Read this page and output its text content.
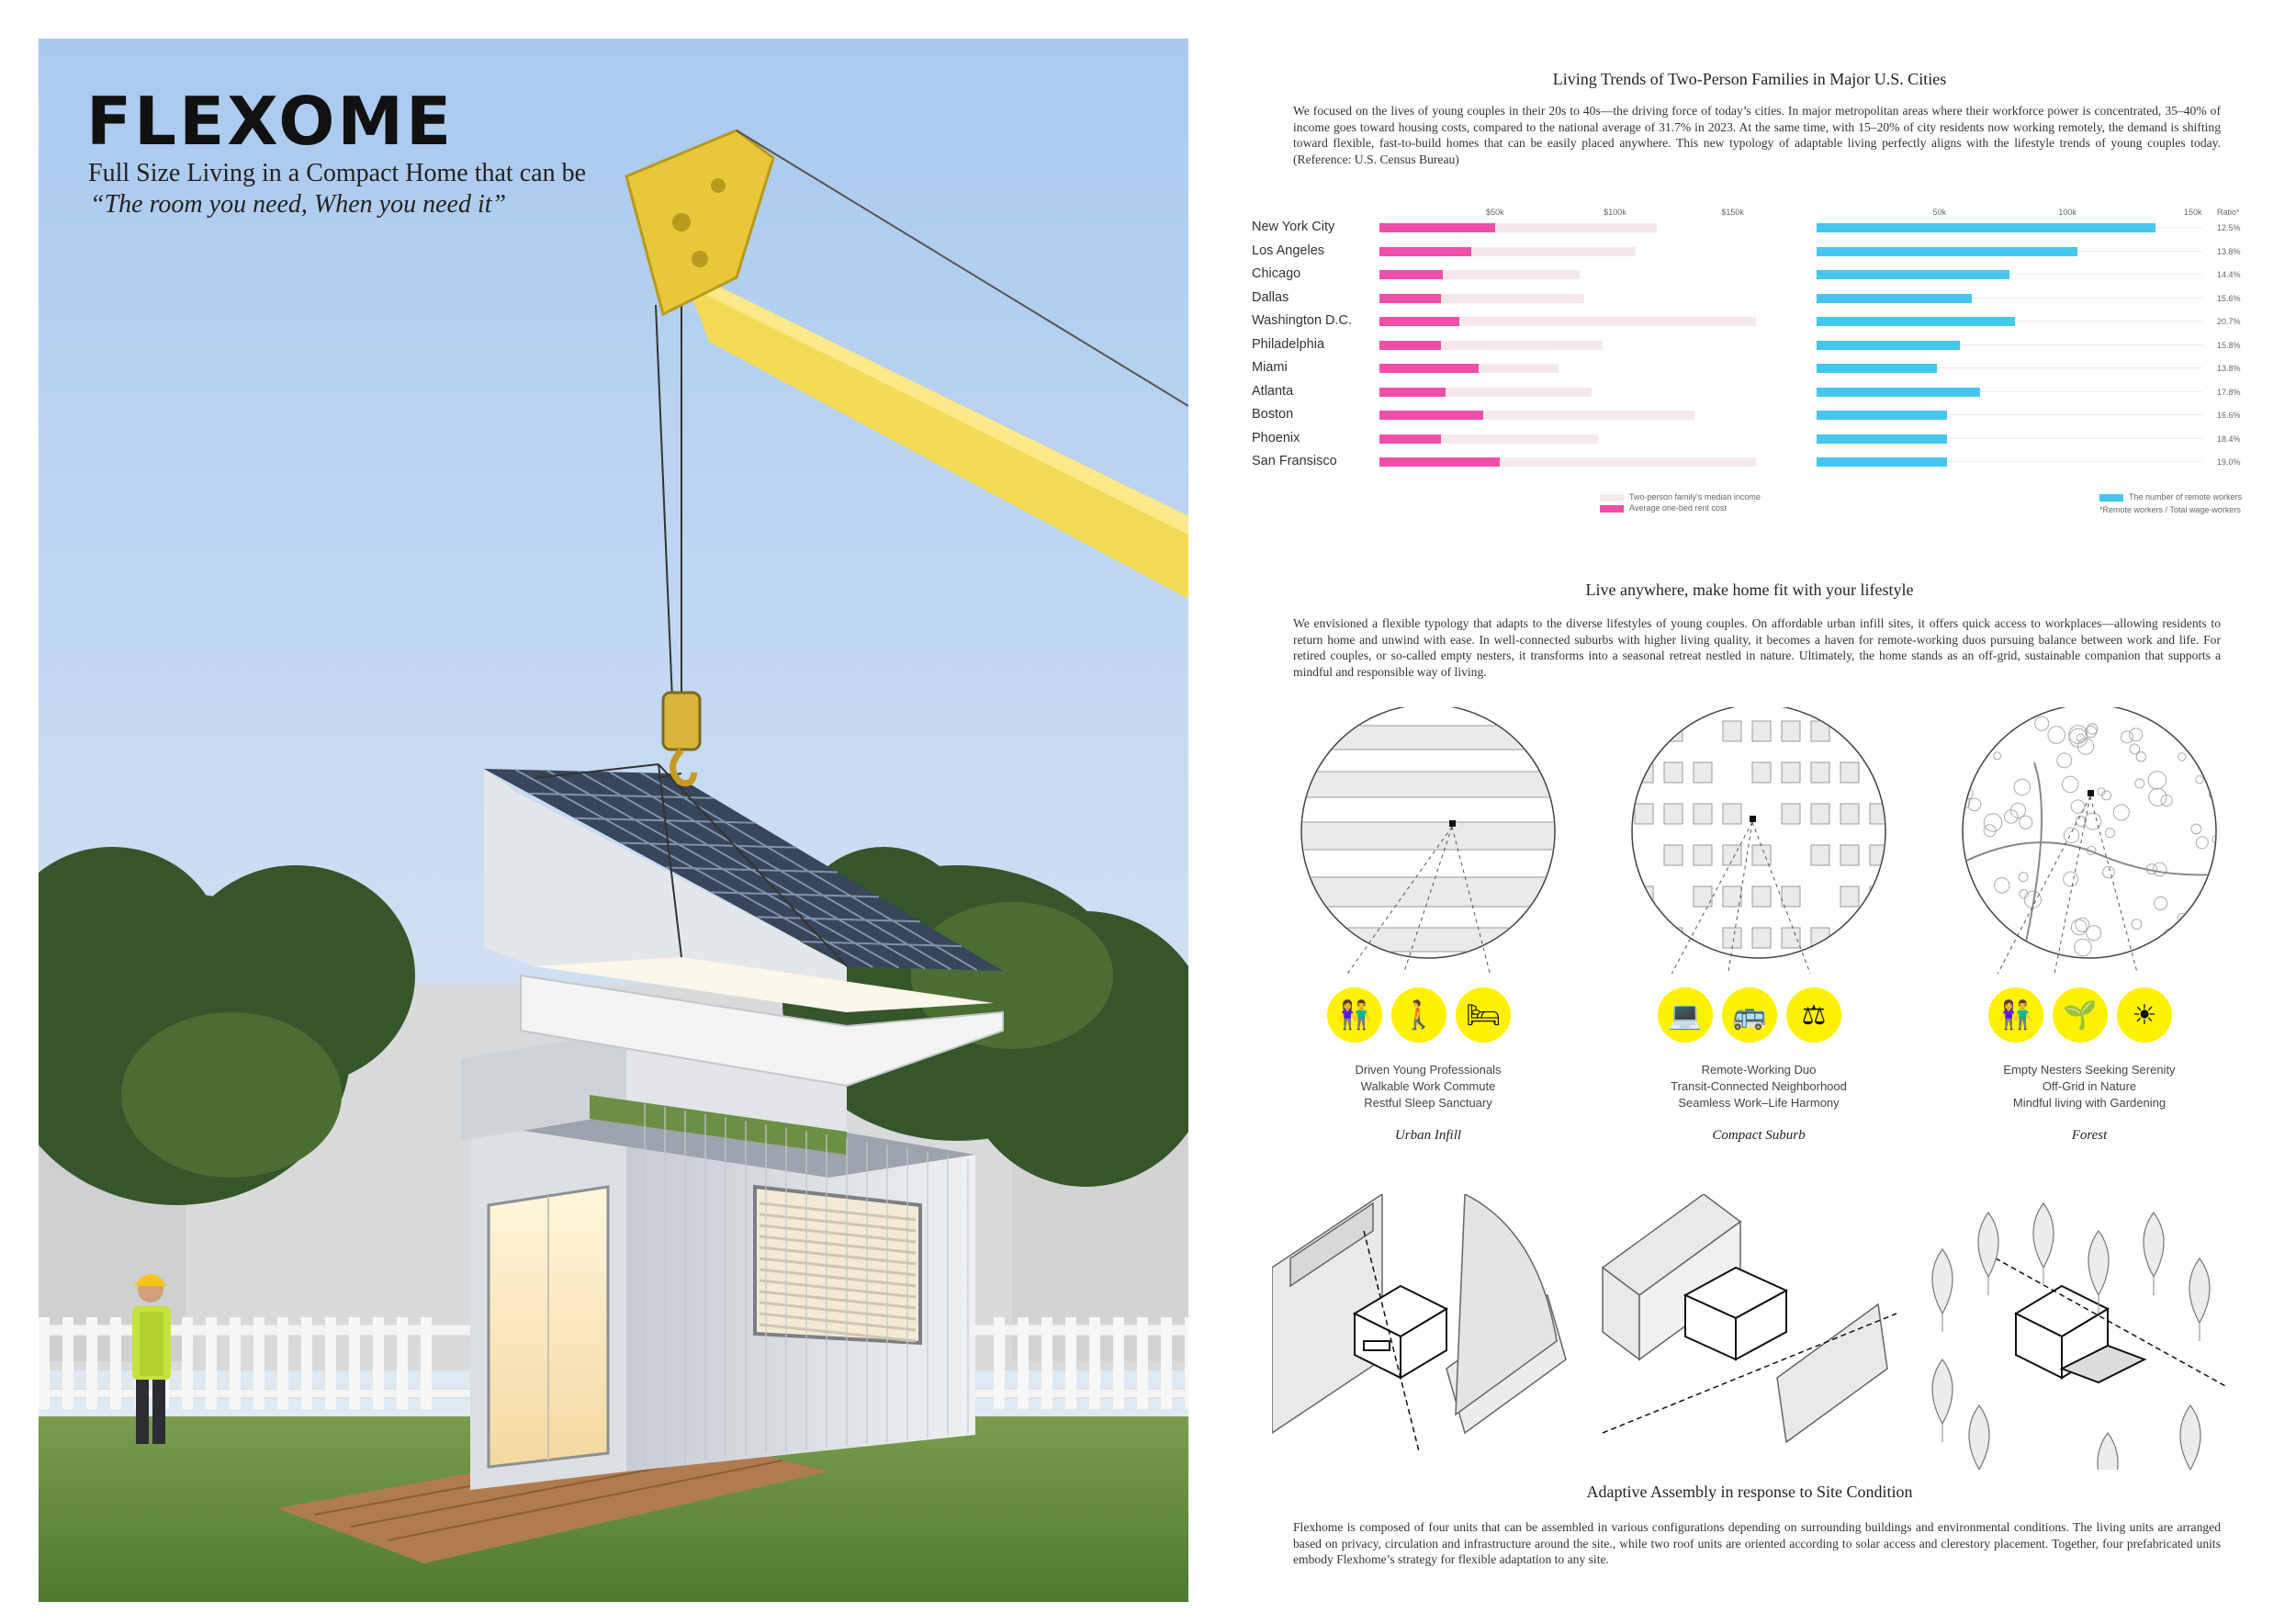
FLEXOME
Full Size Living in a Compact Home that can be
“The room you need, When you need it”
Living Trends of Two-Person Families in Major U.S. Cities
We focused on the lives of young couples in their 20s to 40s—the driving force of today’s cities. In major metropolitan areas where their workforce power is concentrated, 35–40% of income goes toward housing costs, compared to the national average of 31.7% in 2023. At the same time, with 15–20% of city residents now working remotely, the demand is shifting toward flexible, fast-to-build homes that can be easily placed anywhere. This new typology of adaptable living perfectly aligns with the lifestyle trends of young couples today. (Reference: U.S. Census Bureau)
$50k	$100k	$150k	50k	100k	150k Ratio*
New York City	12.5%
Los Angeles	13.8%
Chicago	14.4%
Dallas	15.6%
Washington D.C.	20.7%
Philadelphia	15.8%
Miami	13.8%
Atlanta	17.8%
Boston	16.6%
Phoenix	18.4%
San Fransisco	19.0%
Two-person family’s median income
Average one-bed rent cost
The number of remote workers
*Remote workers / Total wage-workers
Live anywhere, make home fit with your lifestyle
We envisioned a flexible typology that adapts to the diverse lifestyles of young couples. On affordable urban infill sites, it offers quick access to workplaces—allowing residents to return home and unwind with ease. In well-connected suburbs with higher living quality, it becomes a haven for remote-working duos pursuing balance between work and life. For retired couples, or so-called empty nesters, it transforms into a seasonal retreat nestled in nature. Ultimately, the home stands as an off-grid, sustainable companion that supports a mindful and responsible way of living.
👫	🚶	🛏	💻	🚌	⚖	👫	🌱	☀
Driven Young Professionals
Walkable Work Commute
Restful Sleep Sanctuary
Urban Infill
Remote-Working Duo
Transit-Connected Neighborhood
Seamless Work–Life Harmony
Compact Suburb
Empty Nesters Seeking Serenity
Off-Grid in Nature
Mindful living with Gardening
Forest
Adaptive Assembly in response to Site Condition
Flexhome is composed of four units that can be assembled in various configurations depending on surrounding buildings and environmental conditions. The living units are arranged based on privacy, circulation and infrastructure around the site., while two roof units are oriented according to solar access and clerestory placement. Together, four prefabricated units embody Flexhome’s strategy for flexible adaptation to any site.
